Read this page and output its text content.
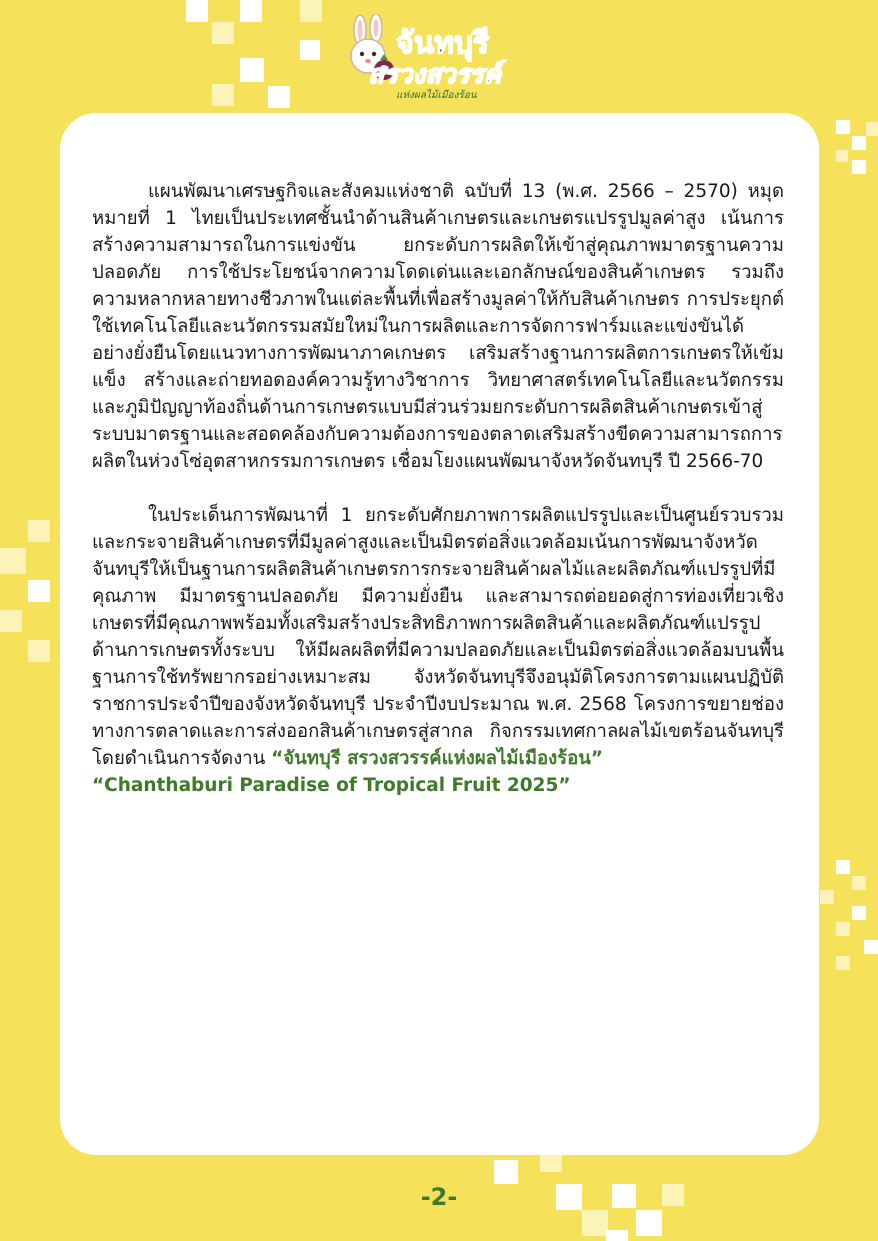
จันทบุรี
สรวงสวรรค์
แห่งผลไม้เมืองร้อน

แผนพัฒนาเศรษฐกิจและสังคมแห่งชาติ ฉบับที่ 13 (พ.ศ. 2566 – 2570) หมุดหมายที่ 1 ไทยเป็นประเทศชั้นนำด้านสินค้าเกษตรและเกษตรแปรรูปมูลค่าสูง เน้นการสร้างความสามารถในการแข่งขัน ยกระดับการผลิตให้เข้าสู่คุณภาพมาตรฐานความปลอดภัย การใช้ประโยชน์จากความโดดเด่นและเอกลักษณ์ของสินค้าเกษตร รวมถึงความหลากหลายทางชีวภาพในแต่ละพื้นที่เพื่อสร้างมูลค่าให้กับสินค้าเกษตร การประยุกต์ใช้เทคโนโลยีและนวัตกรรมสมัยใหม่ในการผลิตและการจัดการฟาร์มและแข่งขันได้อย่างยั่งยืนโดยแนวทางการพัฒนาภาคเกษตร เสริมสร้างฐานการผลิตการเกษตรให้เข้มแข็ง สร้างและถ่ายทอดองค์ความรู้ทางวิชาการ วิทยาศาสตร์เทคโนโลยีและนวัตกรรม และภูมิปัญญาท้องถิ่นด้านการเกษตรแบบมีส่วนร่วมยกระดับการผลิตสินค้าเกษตรเข้าสู่ระบบมาตรฐานและสอดคล้องกับความต้องการของตลาดเสริมสร้างขีดความสามารถการผลิตในห่วงโซ่อุตสาหกรรมการเกษตร เชื่อมโยงแผนพัฒนาจังหวัดจันทบุรี ปี 2566-70

ในประเด็นการพัฒนาที่ 1 ยกระดับศักยภาพการผลิตแปรรูปและเป็นศูนย์รวบรวมและกระจายสินค้าเกษตรที่มีมูลค่าสูงและเป็นมิตรต่อสิ่งแวดล้อมเน้นการพัฒนาจังหวัดจันทบุรีให้เป็นฐานการผลิตสินค้าเกษตรการกระจายสินค้าผลไม้และผลิตภัณฑ์แปรรูปที่มีคุณภาพ มีมาตรฐานปลอดภัย มีความยั่งยืน และสามารถต่อยอดสู่การท่องเที่ยวเชิงเกษตรที่มีคุณภาพพร้อมทั้งเสริมสร้างประสิทธิภาพการผลิตสินค้าและผลิตภัณฑ์แปรรูปด้านการเกษตรทั้งระบบ ให้มีผลผลิตที่มีความปลอดภัยและเป็นมิตรต่อสิ่งแวดล้อมบนพื้นฐานการใช้ทรัพยากรอย่างเหมาะสม จังหวัดจันทบุรีจึงอนุมัติโครงการตามแผนปฏิบัติราชการประจำปีของจังหวัดจันทบุรี ประจำปีงบประมาณ พ.ศ. 2568 โครงการขยายช่องทางการตลาดและการส่งออกสินค้าเกษตรสู่สากล กิจกรรมเทศกาลผลไม้เขตร้อนจันทบุรี โดยดำเนินการจัดงาน “จันทบุรี สรวงสวรรค์แห่งผลไม้เมืองร้อน”
“Chanthaburi Paradise of Tropical Fruit 2025”

-2-
